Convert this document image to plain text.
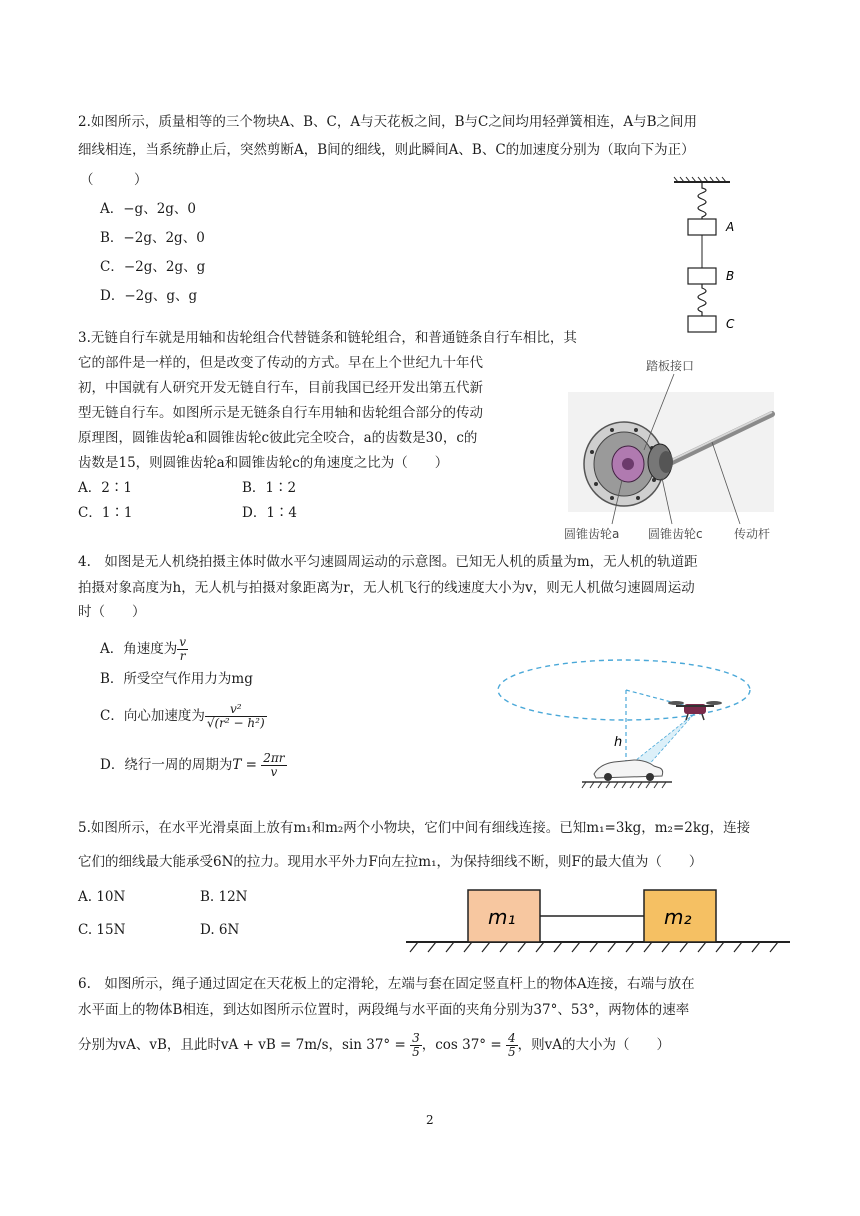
2.如图所示，质量相等的三个物块A、B、C，A与天花板之间，B与C之间均用轻弹簧相连，A与B之间用
细线相连，当系统静止后，突然剪断A，B间的细线，则此瞬间A、B、C的加速度分别为（取向下为正）
（　　　）
A．−g、2g、0
B．−2g、2g、0
C．−2g、2g、g
D．−2g、g、g
A
B
C
3.无链自行车就是用轴和齿轮组合代替链条和链轮组合，和普通链条自行车相比，其
它的部件是一样的，但是改变了传动的方式。早在上个世纪九十年代
初，中国就有人研究开发无链自行车，目前我国已经开发出第五代新
型无链自行车。如图所示是无链条自行车用轴和齿轮组合部分的传动
原理图，圆锥齿轮a和圆锥齿轮c彼此完全咬合，a的齿数是30，c的
齿数是15，则圆锥齿轮a和圆锥齿轮c的角速度之比为（　　）
A．2∶1	B．1∶2
C．1∶1	D．1∶4
踏板接口
圆锥齿轮a 圆锥齿轮c	传动杆
4.　如图是无人机绕拍摄主体时做水平匀速圆周运动的示意图。已知无人机的质量为m，无人机的轨道距
拍摄对象高度为h，无人机与拍摄对象距离为r，无人机飞行的线速度大小为v，则无人机做匀速圆周运动
时（　　）
A．角速度为 $\frac{v}{r}$
B．所受空气作用力为mg
C．向心加速度为 $\frac{\text{v²}}{\text{√(r² − h²)}}$
D．绕行一周的周期为$T = \frac{2\pi r}{v}$
h
5.如图所示，在水平光滑桌面上放有m₁和m₂两个小物块，它们中间有细线连接。已知m₁=3kg，m₂=2kg，连接
它们的细线最大能承受6N的拉力。现用水平外力F向左拉m₁，为保持细线不断，则F的最大值为（　　）
A. 10N	B. 12N
C. 15N	D. 6N
m₁	m₂
6.　如图所示，绳子通过固定在天花板上的定滑轮，左端与套在固定竖直杆上的物体A连接，右端与放在
水平面上的物体B相连，到达如图所示位置时，两段绳与水平面的夹角分别为37°、53°，两物体的速率
分别为vA、vB，且此时vA + vB = 7m/s，$\sin 37^\circ = \frac{3}{5}$ ，$\cos 37^\circ = \frac{4}{5}$ ，则vA的大小为（　　）
2
